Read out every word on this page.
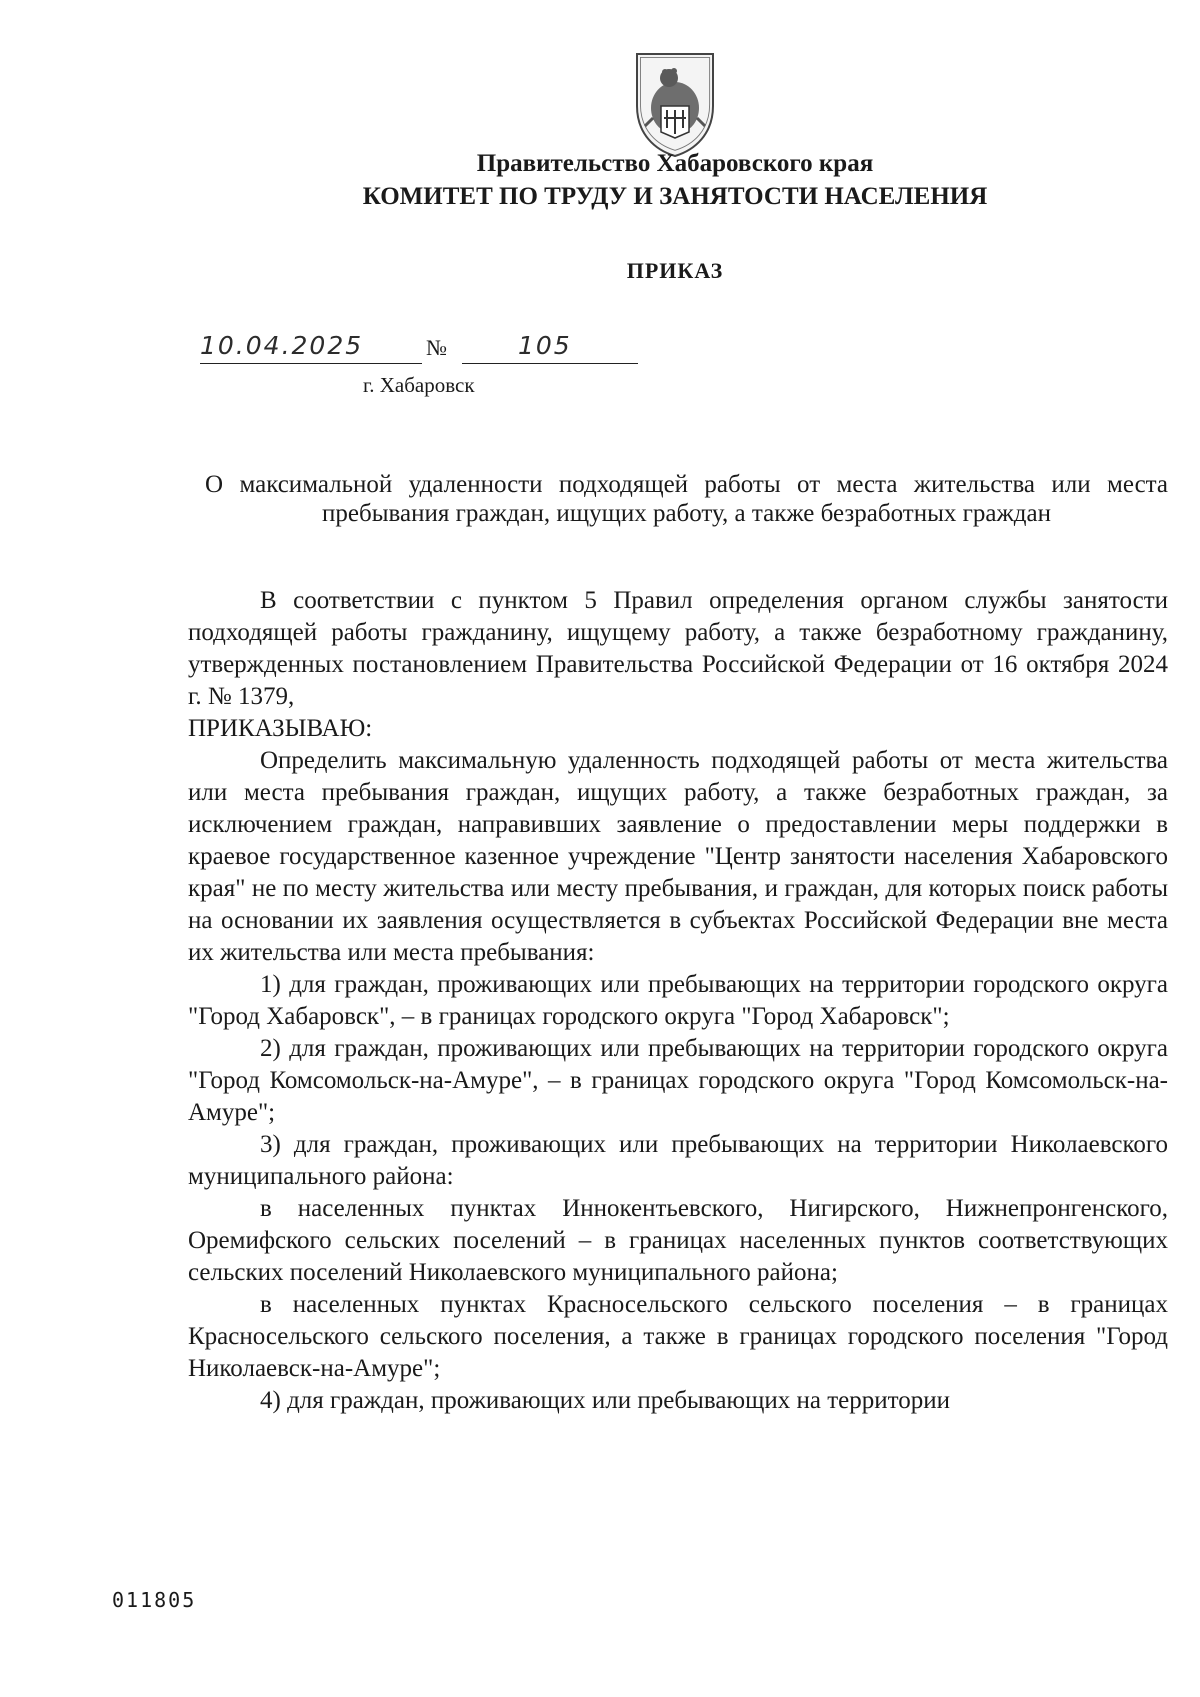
Правительство Хабаровского края
КОМИТЕТ ПО ТРУДУ И ЗАНЯТОСТИ НАСЕЛЕНИЯ
ПРИКАЗ
10.04.2025	№	105
г. Хабаровск
О максимальной удаленности подходящей работы от места жительства или места пребывания граждан, ищущих работу, а также безработных граждан

В соответствии с пунктом 5 Правил определения органом службы занятости подходящей работы гражданину, ищущему работу, а также безработному гражданину, утвержденных постановлением Правительства Российской Федерации от 16 октября 2024 г. № 1379,

ПРИКАЗЫВАЮ:

Определить максимальную удаленность подходящей работы от места жительства или места пребывания граждан, ищущих работу, а также безработных граждан, за исключением граждан, направивших заявление о предоставлении меры поддержки в краевое государственное казенное учреждение "Центр занятости населения Хабаровского края" не по месту жительства или месту пребывания, и граждан, для которых поиск работы на основании их заявления осуществляется в субъектах Российской Федерации вне места их жительства или места пребывания:

1) для граждан, проживающих или пребывающих на территории городского округа "Город Хабаровск", – в границах городского округа "Город Хабаровск";

2) для граждан, проживающих или пребывающих на территории городского округа "Город Комсомольск-на-Амуре", – в границах городского округа "Город Комсомольск-на-Амуре";

3) для граждан, проживающих или пребывающих на территории Николаевского муниципального района:

в населенных пунктах Иннокентьевского, Нигирского, Нижнепронгенского, Оремифского сельских поселений – в границах населенных пунктов соответствующих сельских поселений Николаевского муниципального района;

в населенных пунктах Красносельского сельского поселения – в границах Красносельского сельского поселения, а также в границах городского поселения "Город Николаевск-на-Амуре";

4) для граждан, проживающих или пребывающих на территории

011805
